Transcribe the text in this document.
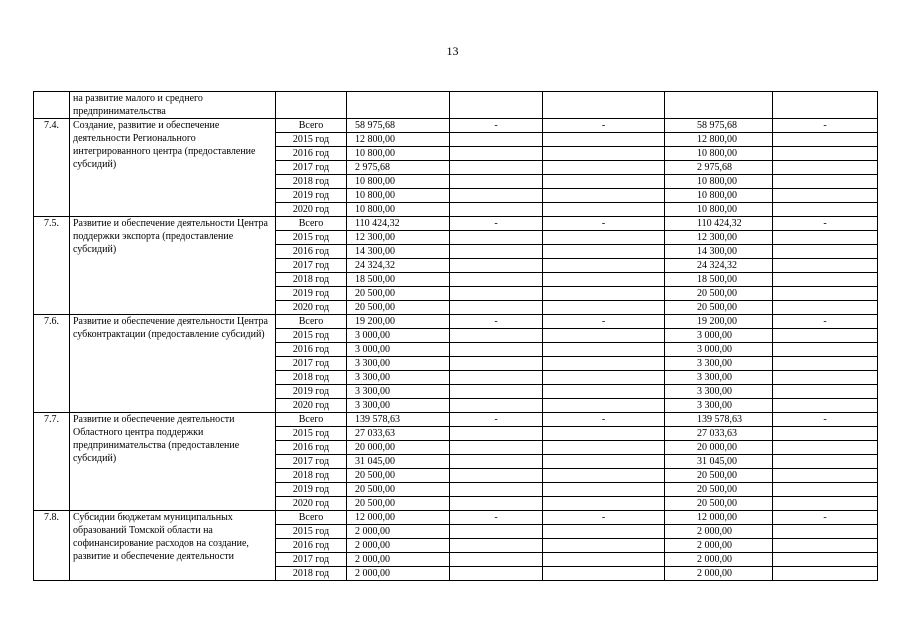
13
	на развитие малого и среднего предпринимательства						
7.4.	Создание, развитие и обеспечение деятельности Регионального интегрированного центра (предоставление субсидий)	Всего	58 975,68	-	-	58 975,68	-
		2015 год	12 800,00			12 800,00	
		2016 год	10 800,00			10 800,00	
		2017 год	2 975,68			2 975,68	
		2018 год	10 800,00			10 800,00	
		2019 год	10 800,00			10 800,00	
		2020 год	10 800,00			10 800,00	
7.5.	Развитие и обеспечение деятельности Центра поддержки экспорта (предоставление субсидий)	Всего	110 424,32	-	-	110 424,32	-
		2015 год	12 300,00			12 300,00	
		2016 год	14 300,00			14 300,00	
		2017 год	24 324,32			24 324,32	
		2018 год	18 500,00			18 500,00	
		2019 год	20 500,00			20 500,00	
		2020 год	20 500,00			20 500,00	
7.6.	Развитие и обеспечение деятельности Центра субконтрактации (предоставление субсидий)	Всего	19 200,00	-	-	19 200,00	-
		2015 год	3 000,00			3 000,00	
		2016 год	3 000,00			3 000,00	
		2017 год	3 300,00			3 300,00	
		2018 год	3 300,00			3 300,00	
		2019 год	3 300,00			3 300,00	
		2020 год	3 300,00			3 300,00	
7.7.	Развитие и обеспечение деятельности Областного центра поддержки предпринимательства (предоставление субсидий)	Всего	139 578,63	-	-	139 578,63	-
		2015 год	27 033,63			27 033,63	
		2016 год	20 000,00			20 000,00	
		2017 год	31 045,00			31 045,00	
		2018 год	20 500,00			20 500,00	
		2019 год	20 500,00			20 500,00	
		2020 год	20 500,00			20 500,00	
7.8.	Субсидии бюджетам муниципальных образований Томской области на софинансирование расходов на создание, развитие и обеспечение деятельности	Всего	12 000,00	-	-	12 000,00	-
		2015 год	2 000,00			2 000,00	
		2016 год	2 000,00			2 000,00	
		2017 год	2 000,00			2 000,00	
		2018 год	2 000,00			2 000,00	
